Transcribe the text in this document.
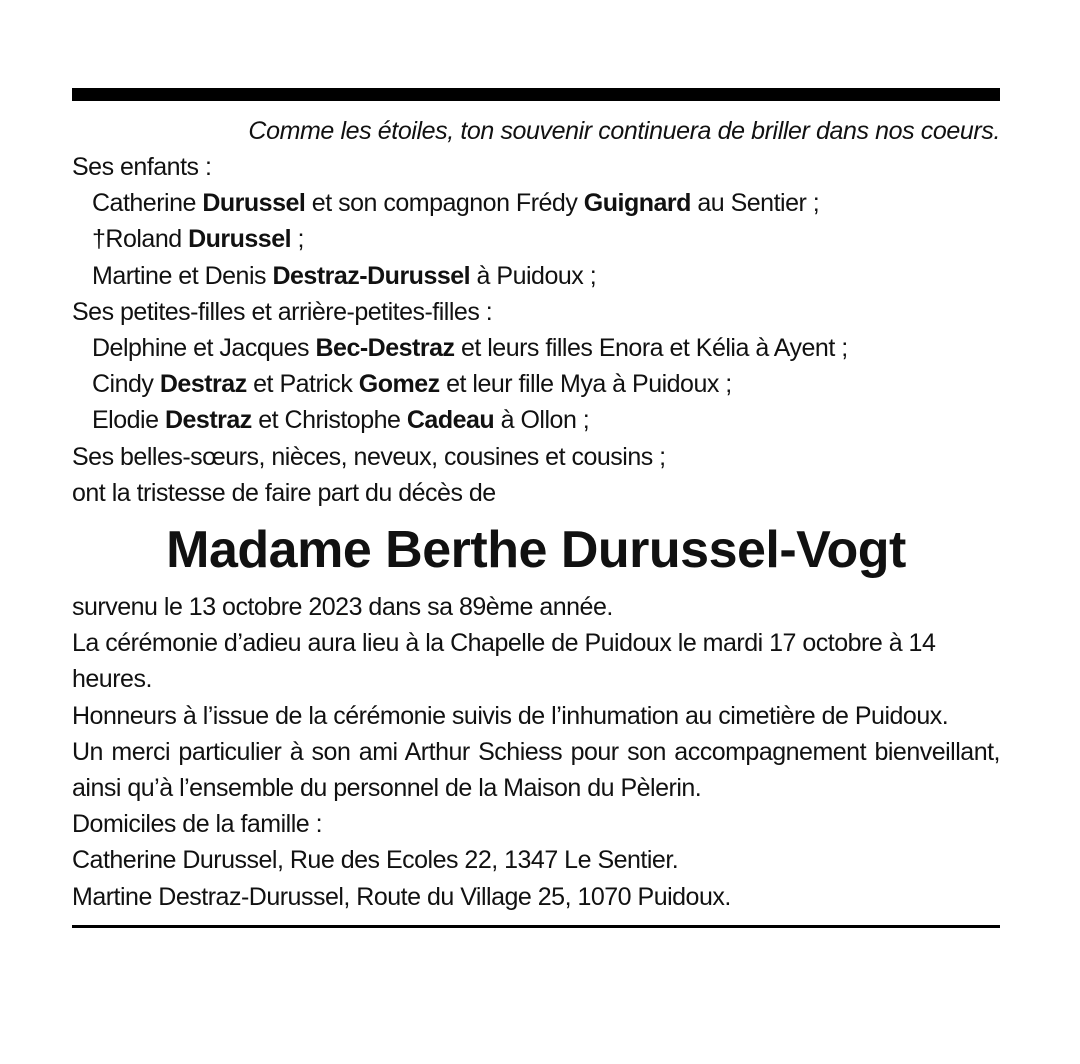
Comme les étoiles, ton souvenir continuera de briller dans nos coeurs.
Ses enfants :
Catherine Durussel et son compagnon Frédy Guignard au Sentier ;
†Roland Durussel ;
Martine et Denis Destraz-Durussel à Puidoux ;
Ses petites-filles et arrière-petites-filles :
Delphine et Jacques Bec-Destraz et leurs filles Enora et Kélia à Ayent ;
Cindy Destraz et Patrick Gomez et leur fille Mya à Puidoux ;
Elodie Destraz et Christophe Cadeau à Ollon ;
Ses belles-sœurs, nièces, neveux, cousines et cousins ;
ont la tristesse de faire part du décès de
Madame Berthe Durussel-Vogt
survenu le 13 octobre 2023 dans sa 89ème année.
La cérémonie d’adieu aura lieu à la Chapelle de Puidoux le mardi 17 octobre à 14 heures.
Honneurs à l’issue de la cérémonie suivis de l’inhumation au cimetière de Puidoux.
Un merci particulier à son ami Arthur Schiess pour son accompagnement bienveillant, ainsi qu’à l’ensemble du personnel de la Maison du Pèlerin.
Domiciles de la famille :
Catherine Durussel, Rue des Ecoles 22, 1347 Le Sentier.
Martine Destraz-Durussel, Route du Village 25, 1070 Puidoux.
